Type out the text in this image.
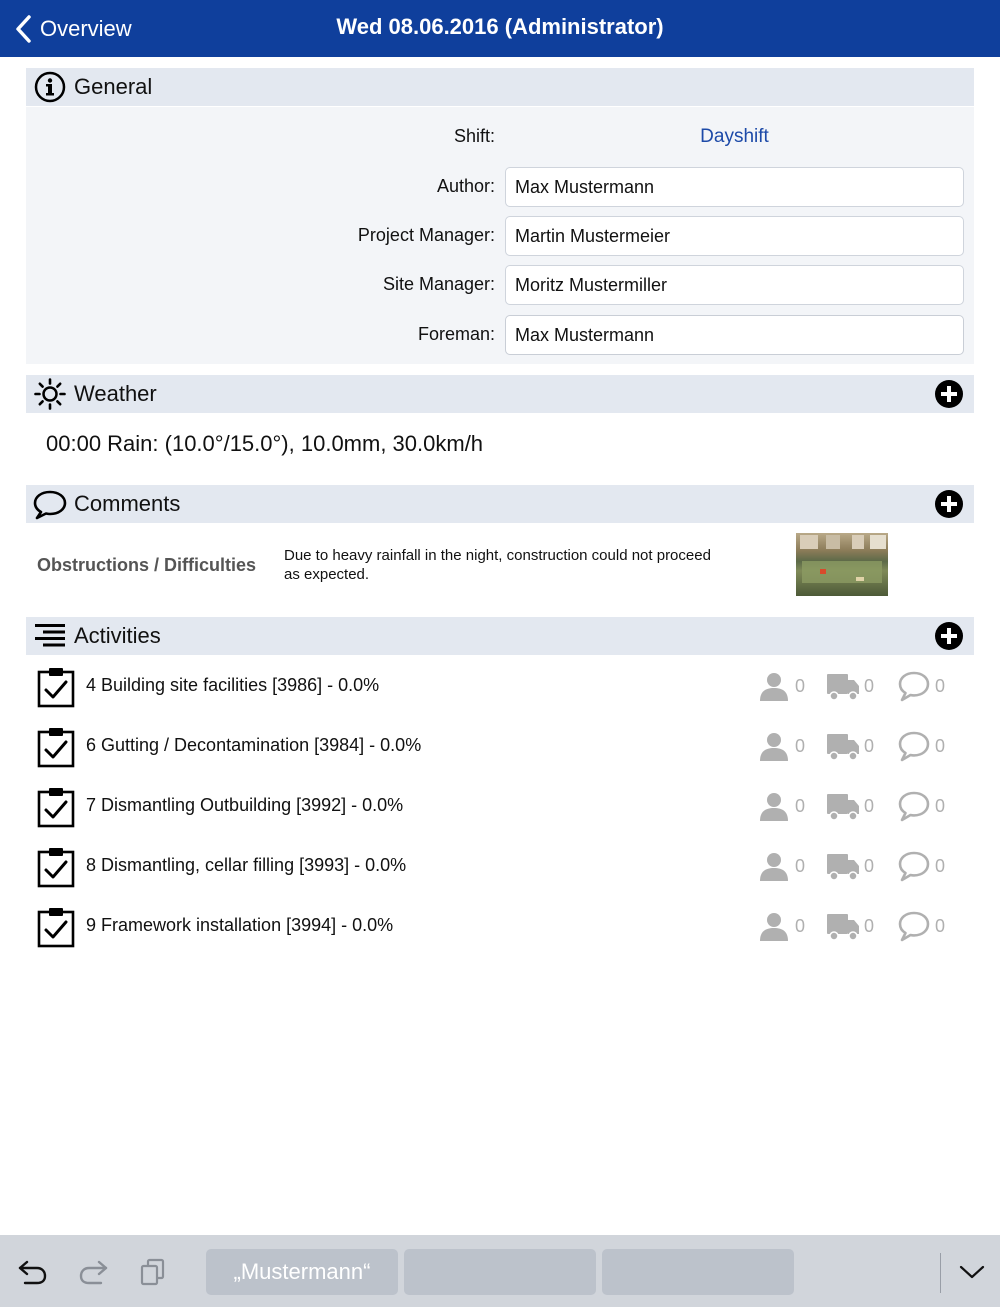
Overview	Wed 08.06.2016 (Administrator)
General
Shift:	Dayshift
Author:
Max Mustermann
Project Manager:
Martin Mustermeier
Site Manager:
Moritz Mustermiller
Foreman:
Max Mustermann
Weather
00:00 Rain: (10.0°/15.0°), 10.0mm, 30.0km/h
Comments
Obstructions / Difficulties Due to heavy rainfall in the night, construction could not proceed as expected.
Activities
4 Building site facilities [3986] - 0.0%	0	0	0
6 Gutting / Decontamination [3984] - 0.0%	0	0	0
7 Dismantling Outbuilding [3992] - 0.0%	0	0	0
8 Dismantling, cellar filling [3993] - 0.0%	0	0	0
9 Framework installation [3994] - 0.0%	0	0	0
„Mustermann“
